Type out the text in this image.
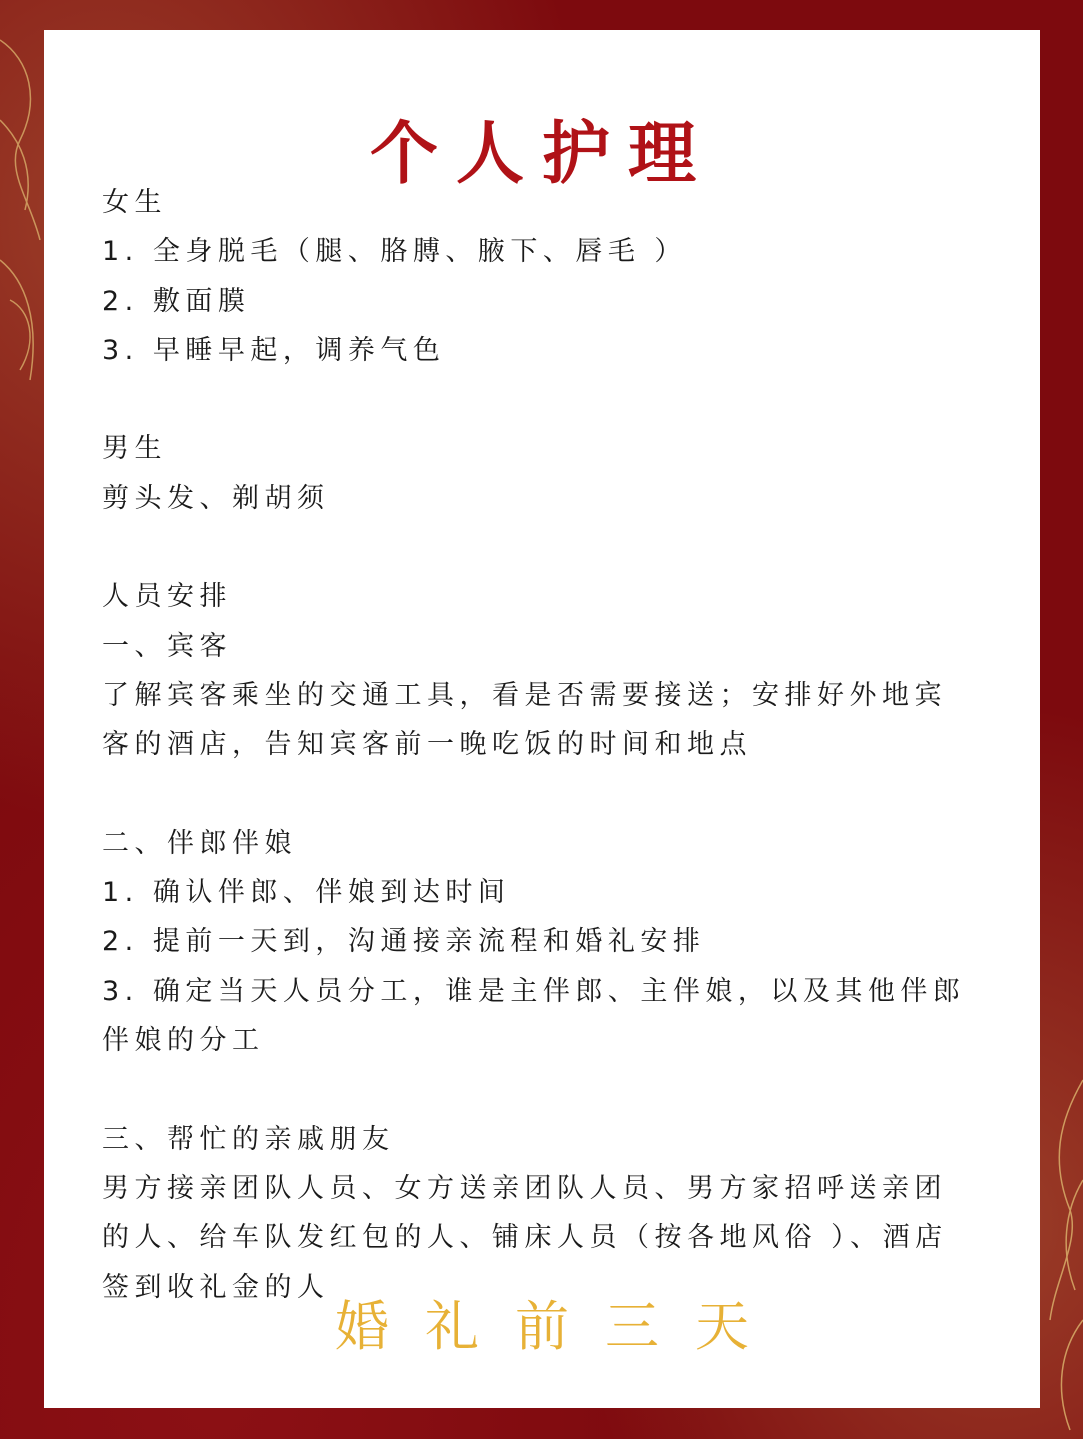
个人护理
女生
1. 全身脱毛（腿、胳膊、腋下、唇毛 ）
2. 敷面膜
3. 早睡早起，调养气色
男生
剪头发、剃胡须
人员安排
一、宾客
了解宾客乘坐的交通工具，看是否需要接送；安排好外地宾
客的酒店，告知宾客前一晚吃饭的时间和地点
二、伴郎伴娘
1. 确认伴郎、伴娘到达时间
2. 提前一天到，沟通接亲流程和婚礼安排
3. 确定当天人员分工，谁是主伴郎、主伴娘，以及其他伴郎
伴娘的分工
三、帮忙的亲戚朋友
男方接亲团队人员、女方送亲团队人员、男方家招呼送亲团
的人、给车队发红包的人、铺床人员（按各地风俗 ）、酒店
签到收礼金的人
婚礼前三天
